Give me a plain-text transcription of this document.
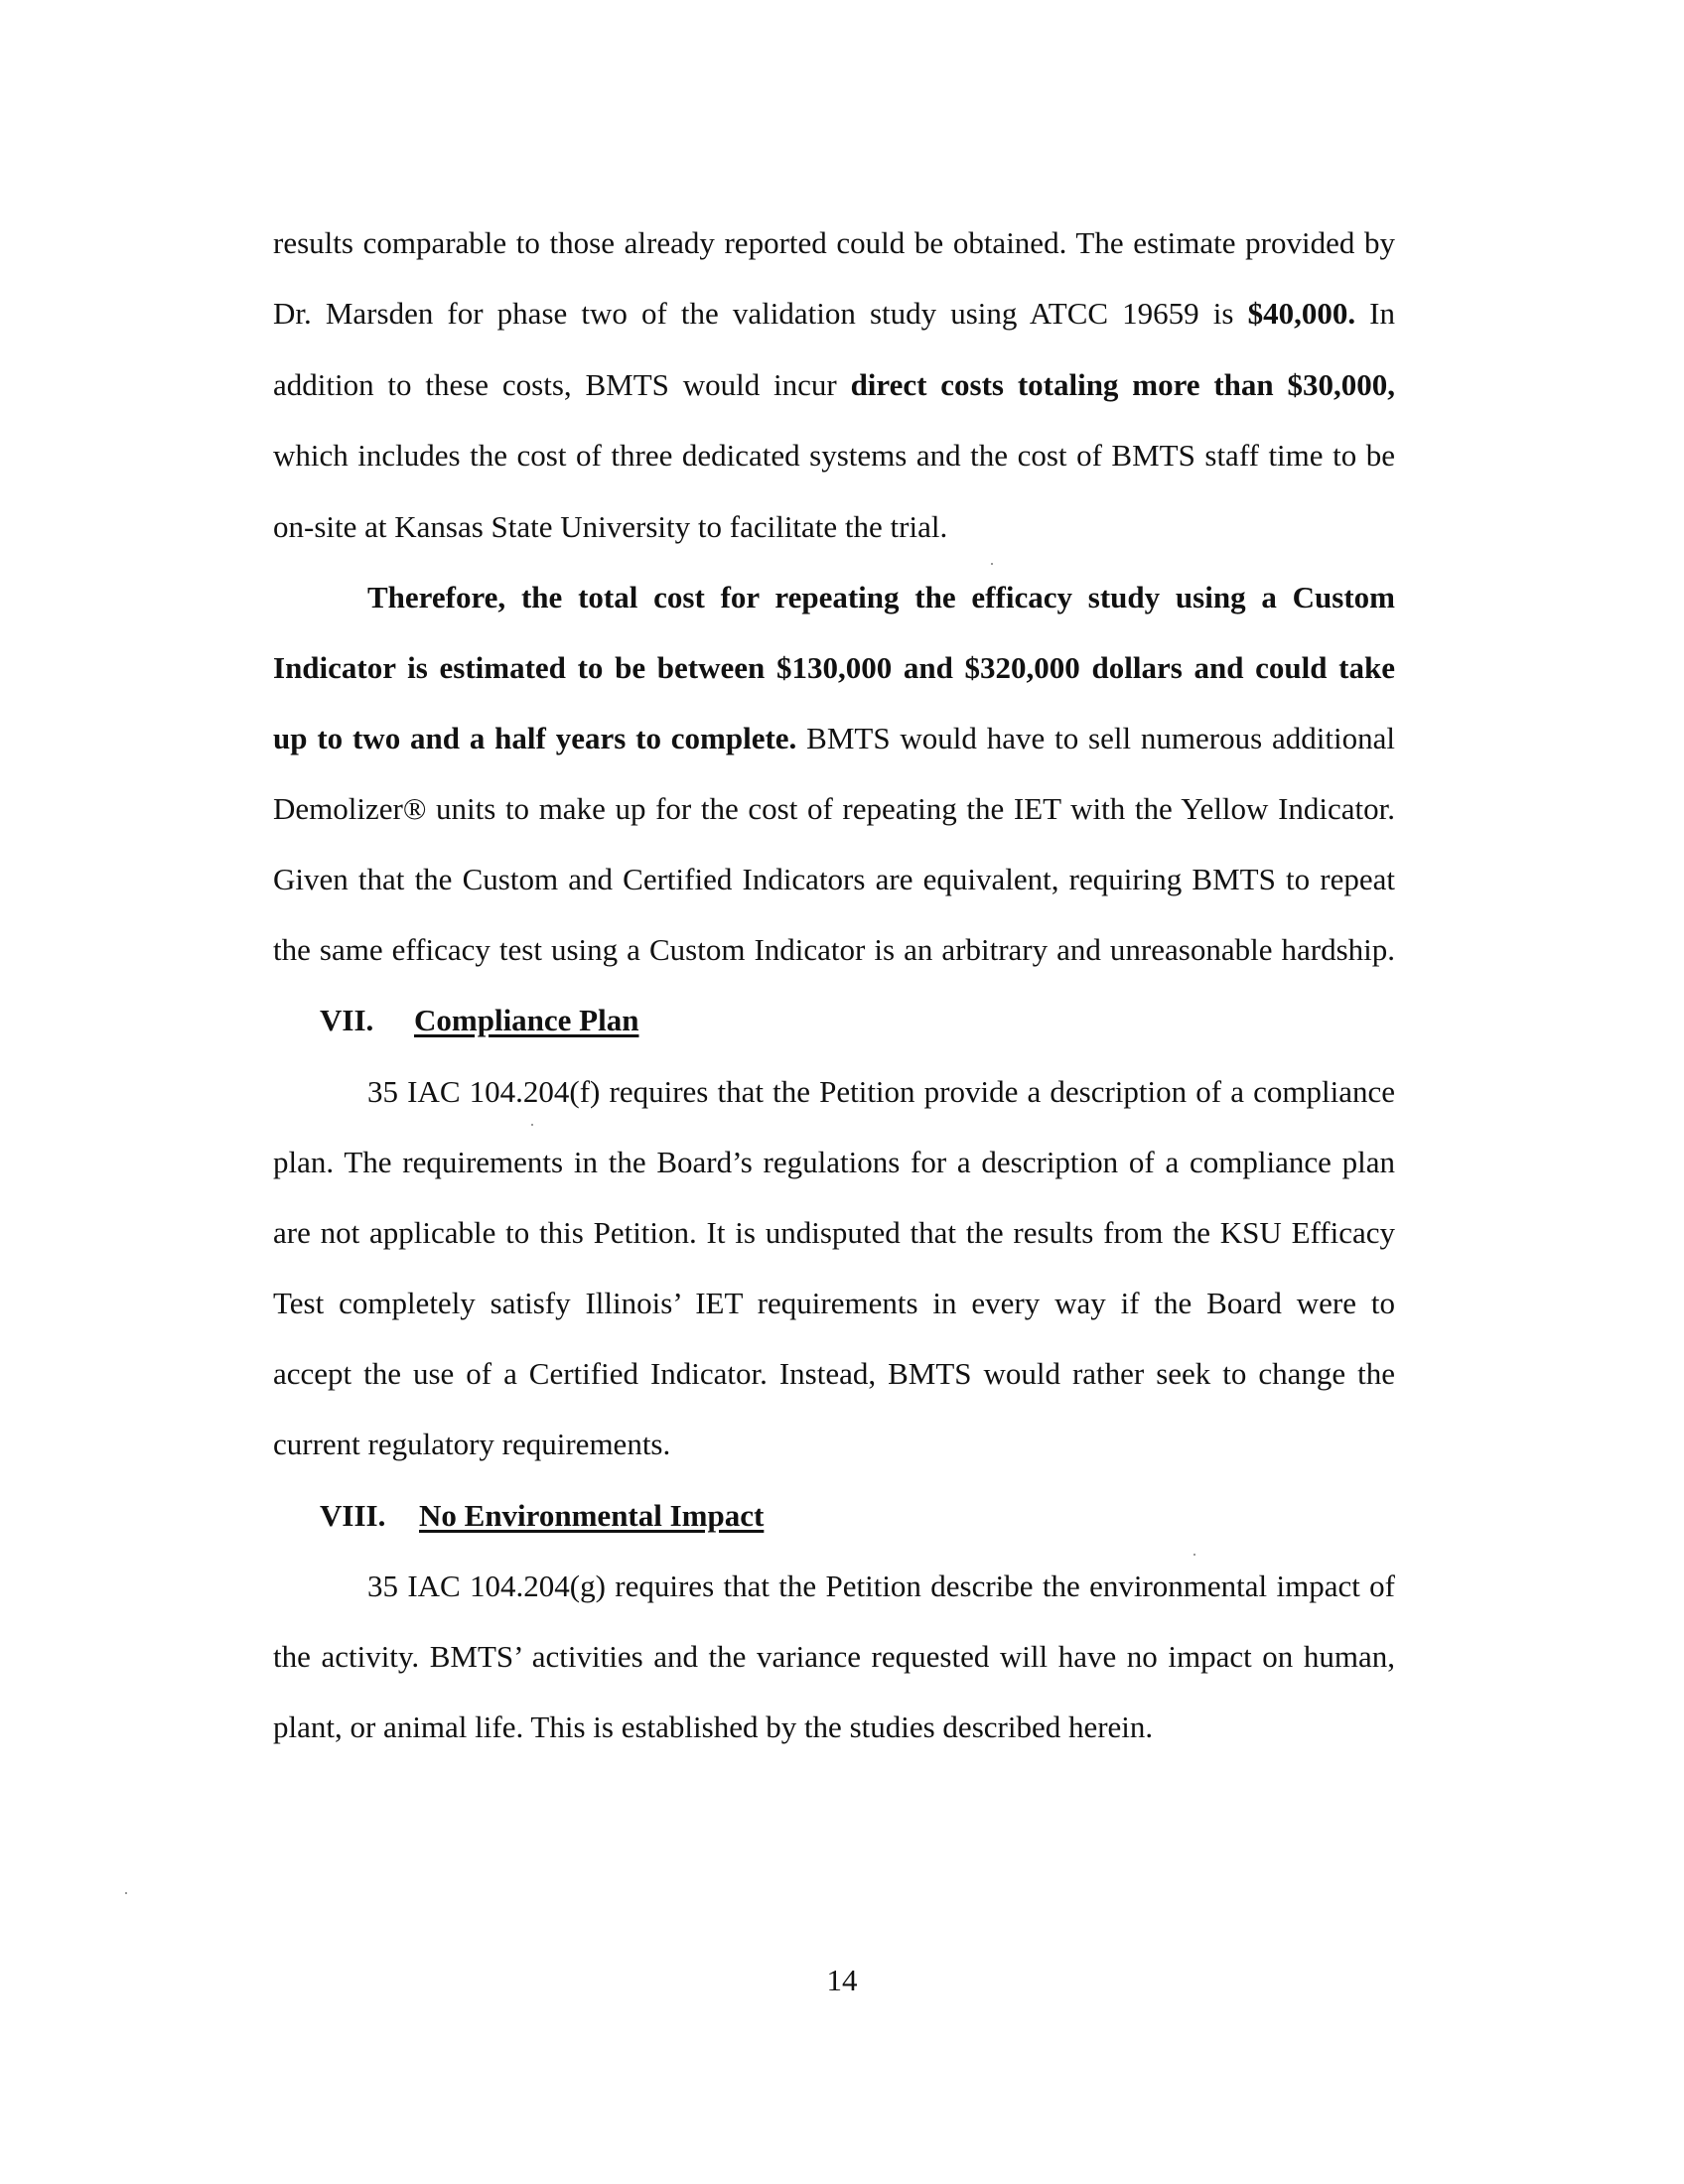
results comparable to those already reported could be obtained. The estimate provided by
Dr. Marsden for phase two of the validation study using ATCC 19659 is $40,000. In
addition to these costs, BMTS would incur direct costs totaling more than $30,000,
which includes the cost of three dedicated systems and the cost of BMTS staff time to be
on-site at Kansas State University to facilitate the trial.
Therefore, the total cost for repeating the efficacy study using a Custom
Indicator is estimated to be between $130,000 and $320,000 dollars and could take
up to two and a half years to complete. BMTS would have to sell numerous additional
Demolizer® units to make up for the cost of repeating the IET with the Yellow Indicator.
Given that the Custom and Certified Indicators are equivalent, requiring BMTS to repeat
the same efficacy test using a Custom Indicator is an arbitrary and unreasonable hardship.
VII. Compliance Plan
35 IAC 104.204(f) requires that the Petition provide a description of a compliance
plan. The requirements in the Board’s regulations for a description of a compliance plan
are not applicable to this Petition. It is undisputed that the results from the KSU Efficacy
Test completely satisfy Illinois’ IET requirements in every way if the Board were to
accept the use of a Certified Indicator. Instead, BMTS would rather seek to change the
current regulatory requirements.
VIII. No Environmental Impact
35 IAC 104.204(g) requires that the Petition describe the environmental impact of
the activity. BMTS’ activities and the variance requested will have no impact on human,
plant, or animal life. This is established by the studies described herein.
14
